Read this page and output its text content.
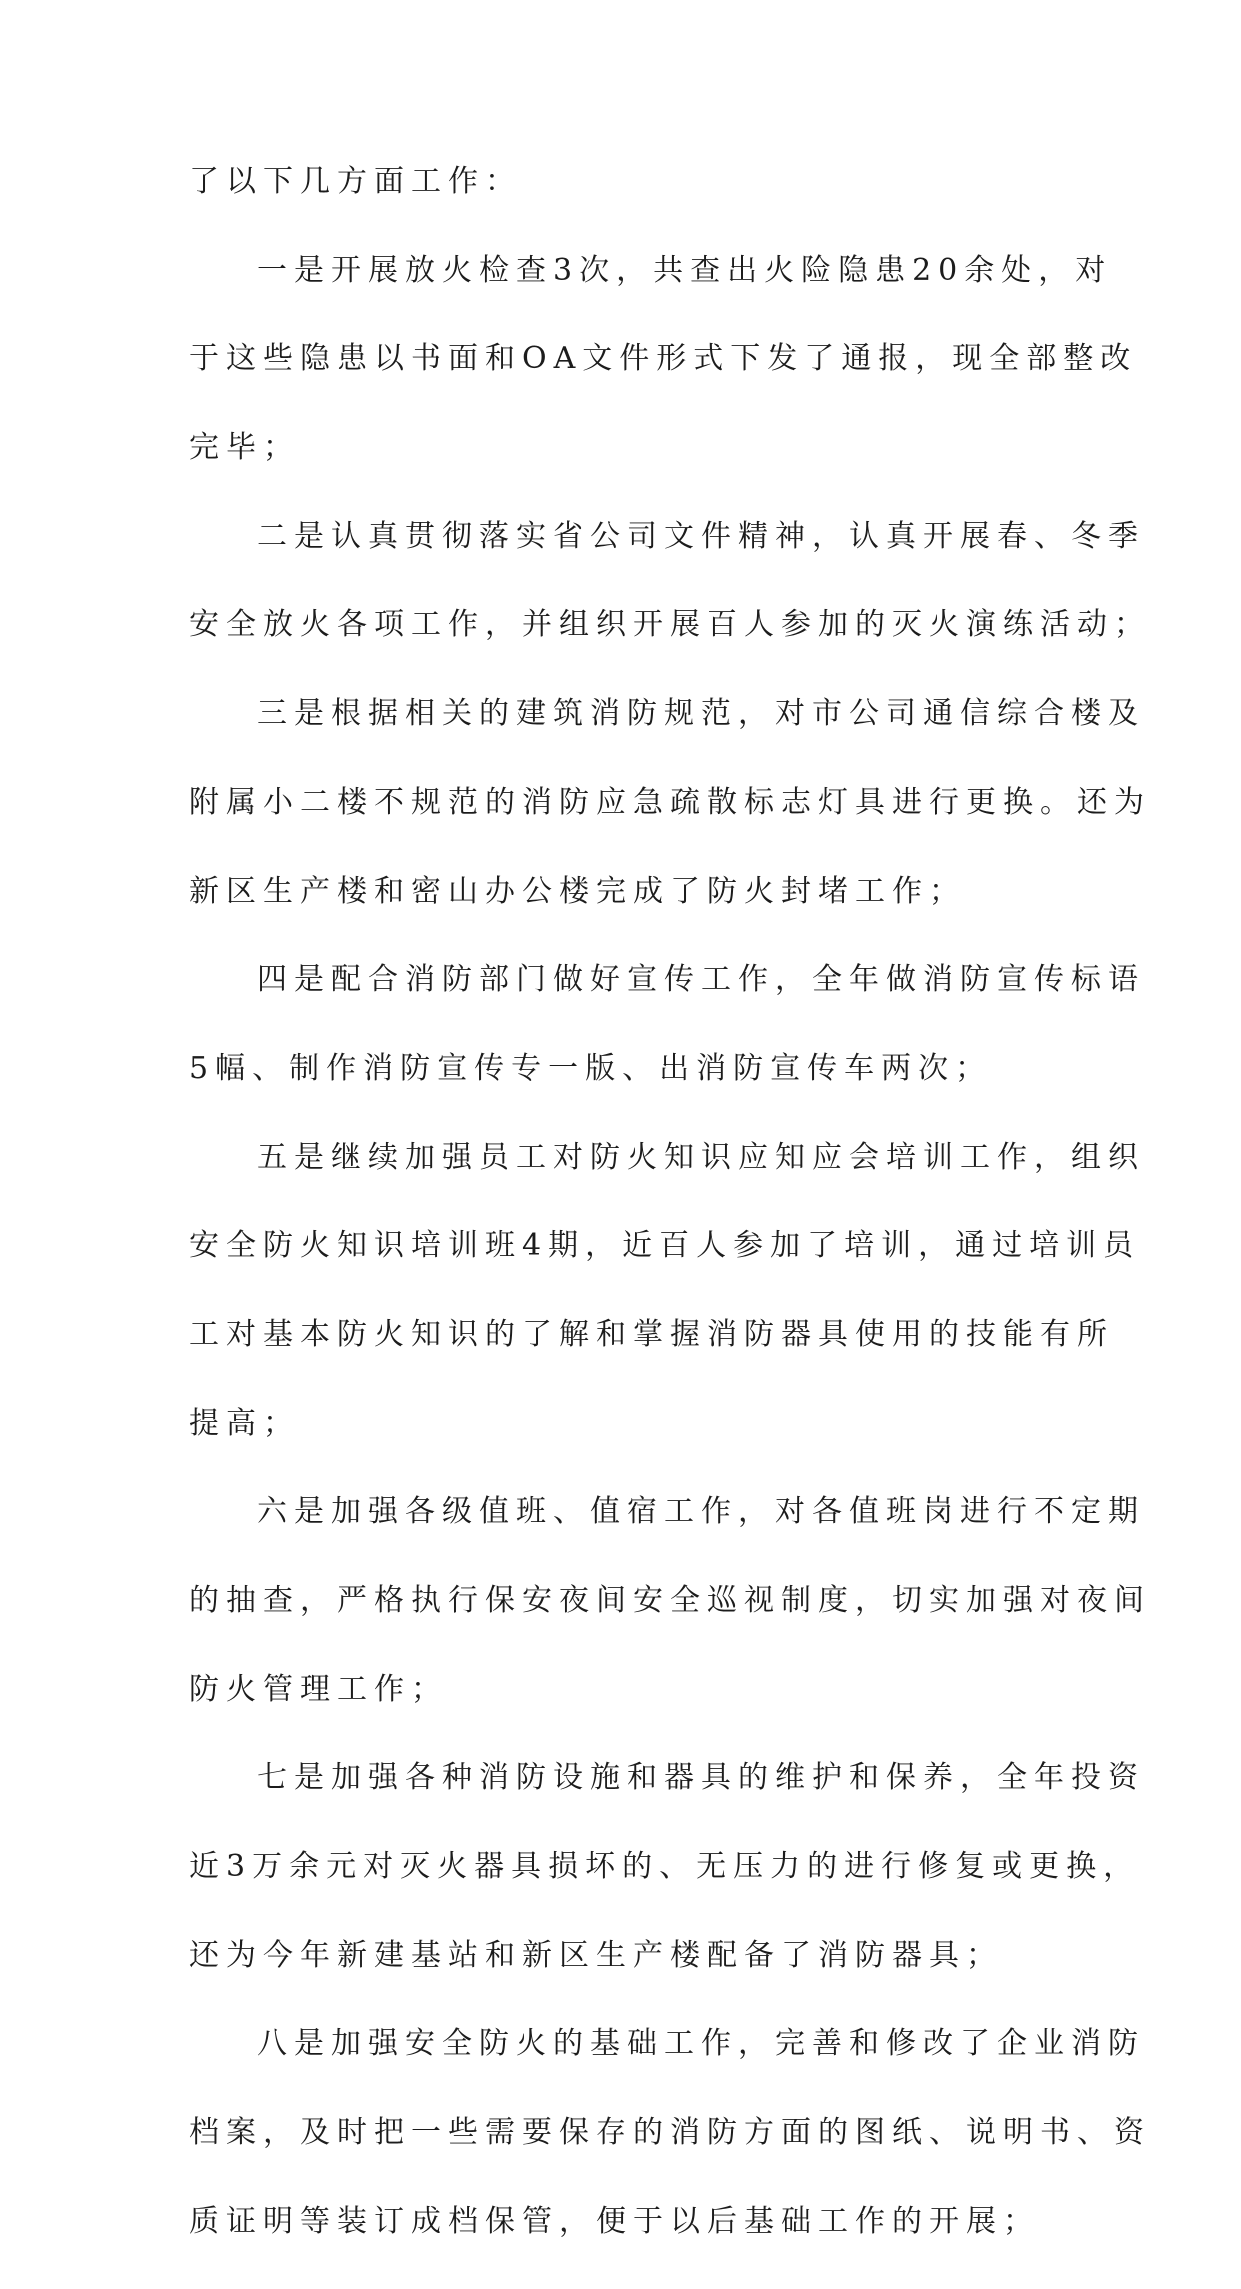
了以下几方面工作：
一是开展放火检查3次，共查出火险隐患20余处，对
于这些隐患以书面和OA文件形式下发了通报，现全部整改
完毕；
二是认真贯彻落实省公司文件精神，认真开展春、冬季
安全放火各项工作，并组织开展百人参加的灭火演练活动；
三是根据相关的建筑消防规范，对市公司通信综合楼及
附属小二楼不规范的消防应急疏散标志灯具进行更换。还为
新区生产楼和密山办公楼完成了防火封堵工作；
四是配合消防部门做好宣传工作，全年做消防宣传标语
5幅、制作消防宣传专一版、出消防宣传车两次；
五是继续加强员工对防火知识应知应会培训工作，组织
安全防火知识培训班4期，近百人参加了培训，通过培训员
工对基本防火知识的了解和掌握消防器具使用的技能有所
提高；
六是加强各级值班、值宿工作，对各值班岗进行不定期
的抽查，严格执行保安夜间安全巡视制度，切实加强对夜间
防火管理工作；
七是加强各种消防设施和器具的维护和保养，全年投资
近3万余元对灭火器具损坏的、无压力的进行修复或更换，
还为今年新建基站和新区生产楼配备了消防器具；
八是加强安全防火的基础工作，完善和修改了企业消防
档案，及时把一些需要保存的消防方面的图纸、说明书、资
质证明等装订成档保管，便于以后基础工作的开展；
